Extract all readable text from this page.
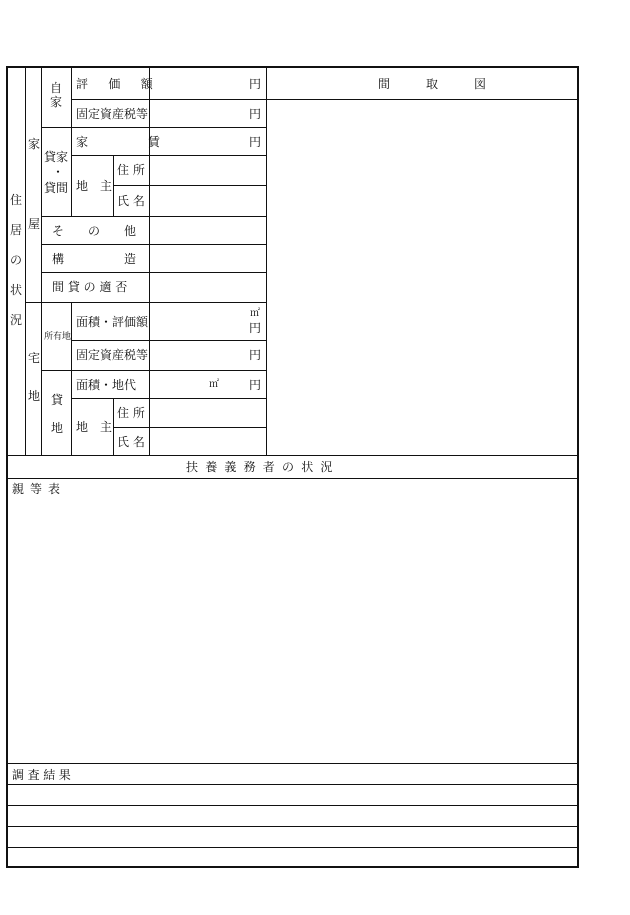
住
居
の
状
況
家
屋
宅
地
自
家
貸家
・
貸間
所有地
貸
地
評　価　額
固定資産税等
家　　　　　賃
地　主
住 所
氏 名
そ　　の　　他
構　　　　　造
間 貸 の 適 否
面積・評価額
固定資産税等
面積・地代
地　主
住 所
氏 名
円
円
円
㎡
円
円
㎡	円
間　　　取　　　図
扶養義務者の状況
親等表
調査結果
